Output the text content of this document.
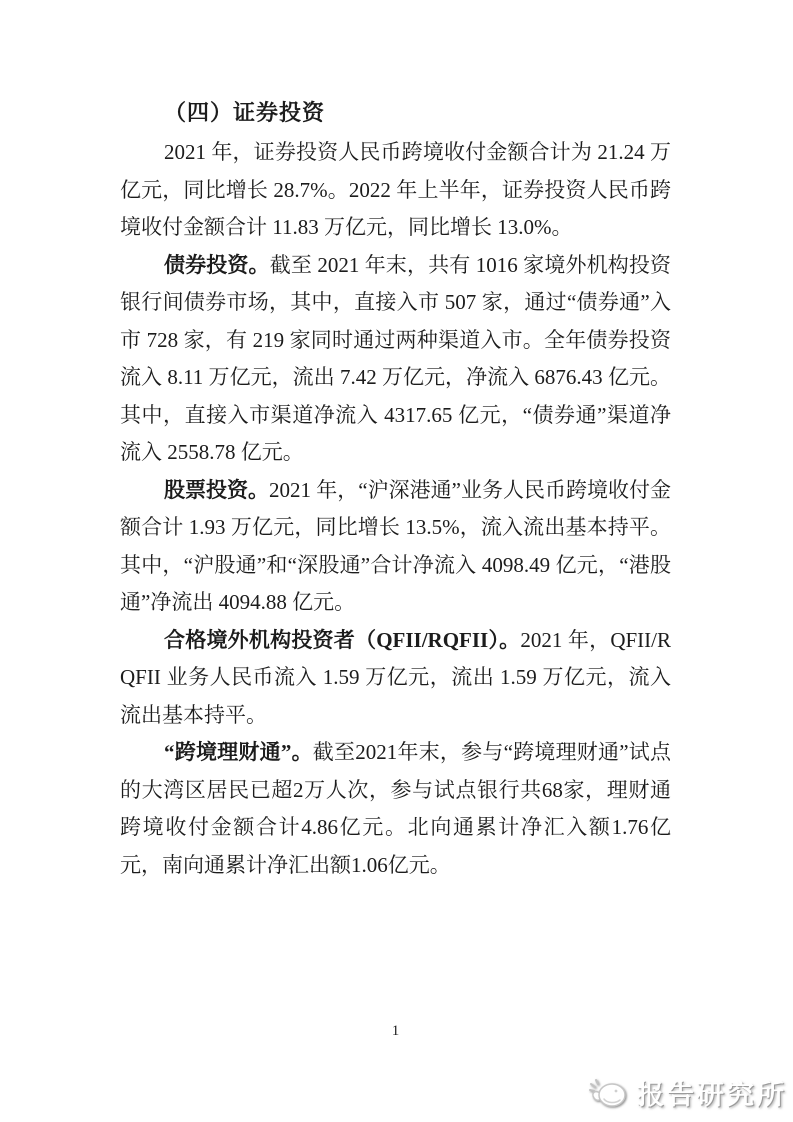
（四）证券投资

2021 年，证券投资人民币跨境收付金额合计为 21.24 万亿元，同比增长 28.7%。2022 年上半年，证券投资人民币跨境收付金额合计 11.83 万亿元，同比增长 13.0%。

债券投资。截至 2021 年末，共有 1016 家境外机构投资银行间债券市场，其中，直接入市 507 家，通过“债券通”入市 728 家，有 219 家同时通过两种渠道入市。全年债券投资流入 8.11 万亿元，流出 7.42 万亿元，净流入 6876.43 亿元。其中，直接入市渠道净流入 4317.65 亿元，“债券通”渠道净流入 2558.78 亿元。

股票投资。2021 年，“沪深港通”业务人民币跨境收付金额合计 1.93 万亿元，同比增长 13.5%，流入流出基本持平。其中，“沪股通”和“深股通”合计净流入 4098.49 亿元，“港股通”净流出 4094.88 亿元。

合格境外机构投资者（QFII/RQFII）。2021 年，QFII/RQFII 业务人民币流入 1.59 万亿元，流出 1.59 万亿元，流入流出基本持平。

“跨境理财通”。截至2021年末，参与“跨境理财通”试点的大湾区居民已超2万人次，参与试点银行共68家，理财通跨境收付金额合计4.86亿元。北向通累计净汇入额1.76亿元，南向通累计净汇出额1.06亿元。

1
报告研究所
